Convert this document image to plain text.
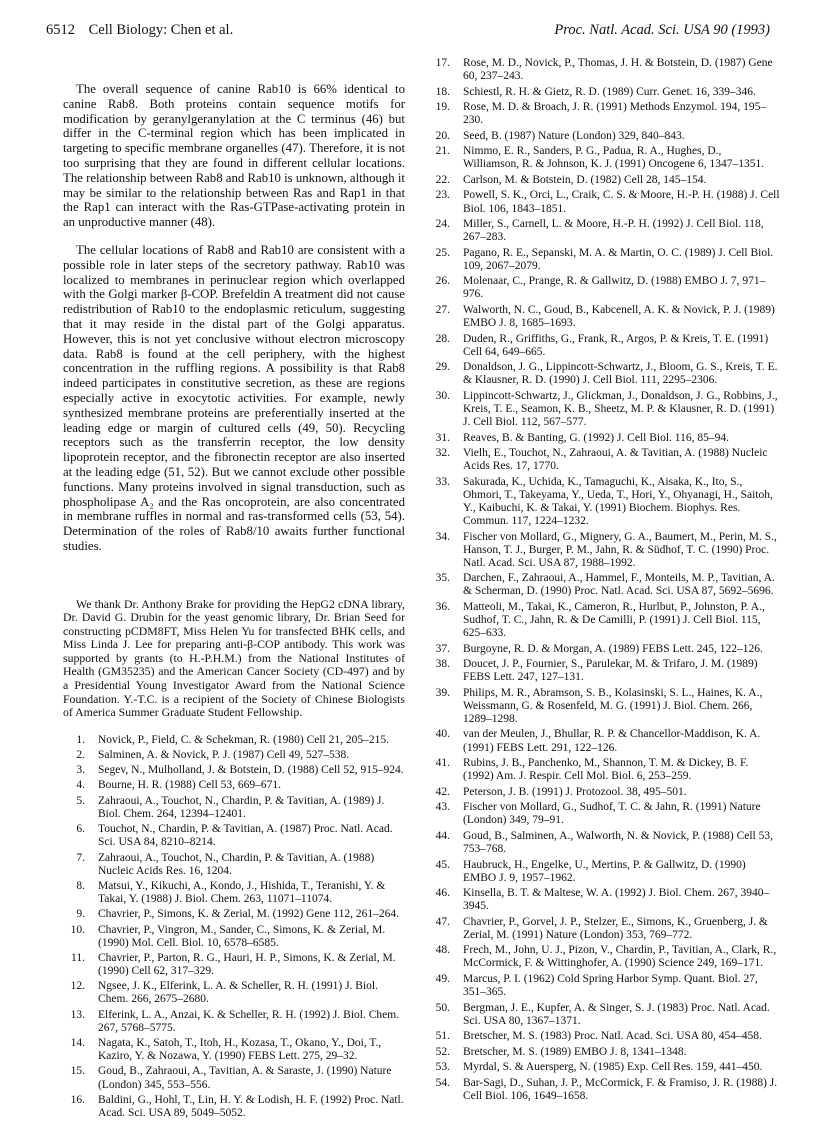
6512 Cell Biology: Chen et al.	Proc. Natl. Acad. Sci. USA 90 (1993)

The overall sequence of canine Rab10 is 66% identical to canine Rab8. Both proteins contain sequence motifs for modification by geranylgeranylation at the C terminus (46) but differ in the C-terminal region which has been implicated in targeting to specific membrane organelles (47). Therefore, it is not too surprising that they are found in different cellular locations. The relationship between Rab8 and Rab10 is unknown, although it may be similar to the relationship between Ras and Rap1 in that the Rap1 can interact with the Ras-GTPase-activating protein in an unproductive manner (48).

The cellular locations of Rab8 and Rab10 are consistent with a possible role in later steps of the secretory pathway. Rab10 was localized to membranes in perinuclear region which overlapped with the Golgi marker β-COP. Brefeldin A treatment did not cause redistribution of Rab10 to the endoplasmic reticulum, suggesting that it may reside in the distal part of the Golgi apparatus. However, this is not yet conclusive without electron microscopy data. Rab8 is found at the cell periphery, with the highest concentration in the ruffling regions. A possibility is that Rab8 indeed participates in constitutive secretion, as these are regions especially active in exocytotic activities. For example, newly synthesized membrane proteins are preferentially inserted at the leading edge or margin of cultured cells (49, 50). Recycling receptors such as the transferrin receptor, the low density lipoprotein receptor, and the fibronectin receptor are also inserted at the leading edge (51, 52). But we cannot exclude other possible functions. Many proteins involved in signal transduction, such as phospholipase A₂ and the Ras oncoprotein, are also concentrated in membrane ruffles in normal and ras-transformed cells (53, 54). Determination of the roles of Rab8/10 awaits further functional studies.

We thank Dr. Anthony Brake for providing the HepG2 cDNA library, Dr. David G. Drubin for the yeast genomic library, Dr. Brian Seed for constructing pCDM8FT, Miss Helen Yu for transfected BHK cells, and Miss Linda J. Lee for preparing anti-β-COP antibody. This work was supported by grants (to H.-P.H.M.) from the National Institutes of Health (GM35235) and the American Cancer Society (CD-497) and by a Presidential Young Investigator Award from the National Science Foundation. Y.-T.C. is a recipient of the Society of Chinese Biologists of America Summer Graduate Student Fellowship.

1. Novick, P., Field, C. & Schekman, R. (1980) Cell 21, 205–215.
2. Salminen, A. & Novick, P. J. (1987) Cell 49, 527–538.
3. Segev, N., Mulholland, J. & Botstein, D. (1988) Cell 52, 915–924.
4. Bourne, H. R. (1988) Cell 53, 669–671.
5. Zahraoui, A., Touchot, N., Chardin, P. & Tavitian, A. (1989) J. Biol. Chem. 264, 12394–12401.
6. Touchot, N., Chardin, P. & Tavitian, A. (1987) Proc. Natl. Acad. Sci. USA 84, 8210–8214.
7. Zahraoui, A., Touchot, N., Chardin, P. & Tavitian, A. (1988) Nucleic Acids Res. 16, 1204.
8. Matsui, Y., Kikuchi, A., Kondo, J., Hishida, T., Teranishi, Y. & Takai, Y. (1988) J. Biol. Chem. 263, 11071–11074.
9. Chavrier, P., Simons, K. & Zerial, M. (1992) Gene 112, 261–264.
10. Chavrier, P., Vingron, M., Sander, C., Simons, K. & Zerial, M. (1990) Mol. Cell. Biol. 10, 6578–6585.
11. Chavrier, P., Parton, R. G., Hauri, H. P., Simons, K. & Zerial, M. (1990) Cell 62, 317–329.
12. Ngsee, J. K., Elferink, L. A. & Scheller, R. H. (1991) J. Biol. Chem. 266, 2675–2680.
13. Elferink, L. A., Anzai, K. & Scheller, R. H. (1992) J. Biol. Chem. 267, 5768–5775.
14. Nagata, K., Satoh, T., Itoh, H., Kozasa, T., Okano, Y., Doi, T., Kaziro, Y. & Nozawa, Y. (1990) FEBS Lett. 275, 29–32.
15. Goud, B., Zahraoui, A., Tavitian, A. & Saraste, J. (1990) Nature (London) 345, 553–556.
16. Baldini, G., Hohl, T., Lin, H. Y. & Lodish, H. F. (1992) Proc. Natl. Acad. Sci. USA 89, 5049–5052.
17. Rose, M. D., Novick, P., Thomas, J. H. & Botstein, D. (1987) Gene 60, 237–243.
18. Schiestl, R. H. & Gietz, R. D. (1989) Curr. Genet. 16, 339–346.
19. Rose, M. D. & Broach, J. R. (1991) Methods Enzymol. 194, 195–230.
20. Seed, B. (1987) Nature (London) 329, 840–843.
21. Nimmo, E. R., Sanders, P. G., Padua, R. A., Hughes, D., Williamson, R. & Johnson, K. J. (1991) Oncogene 6, 1347–1351.
22. Carlson, M. & Botstein, D. (1982) Cell 28, 145–154.
23. Powell, S. K., Orci, L., Craik, C. S. & Moore, H.-P. H. (1988) J. Cell Biol. 106, 1843–1851.
24. Miller, S., Carnell, L. & Moore, H.-P. H. (1992) J. Cell Biol. 118, 267–283.
25. Pagano, R. E., Sepanski, M. A. & Martin, O. C. (1989) J. Cell Biol. 109, 2067–2079.
26. Molenaar, C., Prange, R. & Gallwitz, D. (1988) EMBO J. 7, 971–976.
27. Walworth, N. C., Goud, B., Kabcenell, A. K. & Novick, P. J. (1989) EMBO J. 8, 1685–1693.
28. Duden, R., Griffiths, G., Frank, R., Argos, P. & Kreis, T. E. (1991) Cell 64, 649–665.
29. Donaldson, J. G., Lippincott-Schwartz, J., Bloom, G. S., Kreis, T. E. & Klausner, R. D. (1990) J. Cell Biol. 111, 2295–2306.
30. Lippincott-Schwartz, J., Glickman, J., Donaldson, J. G., Robbins, J., Kreis, T. E., Seamon, K. B., Sheetz, M. P. & Klausner, R. D. (1991) J. Cell Biol. 112, 567–577.
31. Reaves, B. & Banting, G. (1992) J. Cell Biol. 116, 85–94.
32. Vielh, E., Touchot, N., Zahraoui, A. & Tavitian, A. (1988) Nucleic Acids Res. 17, 1770.
33. Sakurada, K., Uchida, K., Tamaguchi, K., Aisaka, K., Ito, S., Ohmori, T., Takeyama, Y., Ueda, T., Hori, Y., Ohyanagi, H., Saitoh, Y., Kaibuchi, K. & Takai, Y. (1991) Biochem. Biophys. Res. Commun. 117, 1224–1232.
34. Fischer von Mollard, G., Mignery, G. A., Baumert, M., Perin, M. S., Hanson, T. J., Burger, P. M., Jahn, R. & Südhof, T. C. (1990) Proc. Natl. Acad. Sci. USA 87, 1988–1992.
35. Darchen, F., Zahraoui, A., Hammel, F., Monteils, M. P., Tavitian, A. & Scherman, D. (1990) Proc. Natl. Acad. Sci. USA 87, 5692–5696.
36. Matteoli, M., Takai, K., Cameron, R., Hurlbut, P., Johnston, P. A., Sudhof, T. C., Jahn, R. & De Camilli, P. (1991) J. Cell Biol. 115, 625–633.
37. Burgoyne, R. D. & Morgan, A. (1989) FEBS Lett. 245, 122–126.
38. Doucet, J. P., Fournier, S., Parulekar, M. & Trifaro, J. M. (1989) FEBS Lett. 247, 127–131.
39. Philips, M. R., Abramson, S. B., Kolasinski, S. L., Haines, K. A., Weissmann, G. & Rosenfeld, M. G. (1991) J. Biol. Chem. 266, 1289–1298.
40. van der Meulen, J., Bhullar, R. P. & Chancellor-Maddison, K. A. (1991) FEBS Lett. 291, 122–126.
41. Rubins, J. B., Panchenko, M., Shannon, T. M. & Dickey, B. F. (1992) Am. J. Respir. Cell Mol. Biol. 6, 253–259.
42. Peterson, J. B. (1991) J. Protozool. 38, 495–501.
43. Fischer von Mollard, G., Sudhof, T. C. & Jahn, R. (1991) Nature (London) 349, 79–91.
44. Goud, B., Salminen, A., Walworth, N. & Novick, P. (1988) Cell 53, 753–768.
45. Haubruck, H., Engelke, U., Mertins, P. & Gallwitz, D. (1990) EMBO J. 9, 1957–1962.
46. Kinsella, B. T. & Maltese, W. A. (1992) J. Biol. Chem. 267, 3940–3945.
47. Chavrier, P., Gorvel, J. P., Stelzer, E., Simons, K., Gruenberg, J. & Zerial, M. (1991) Nature (London) 353, 769–772.
48. Frech, M., John, U. J., Pizon, V., Chardin, P., Tavitian, A., Clark, R., McCormick, F. & Wittinghofer, A. (1990) Science 249, 169–171.
49. Marcus, P. I. (1962) Cold Spring Harbor Symp. Quant. Biol. 27, 351–365.
50. Bergman, J. E., Kupfer, A. & Singer, S. J. (1983) Proc. Natl. Acad. Sci. USA 80, 1367–1371.
51. Bretscher, M. S. (1983) Proc. Natl. Acad. Sci. USA 80, 454–458.
52. Bretscher, M. S. (1989) EMBO J. 8, 1341–1348.
53. Myrdal, S. & Auersperg, N. (1985) Exp. Cell Res. 159, 441–450.
54. Bar-Sagi, D., Suhan, J. P., McCormick, F. & Framiso, J. R. (1988) J. Cell Biol. 106, 1649–1658.
